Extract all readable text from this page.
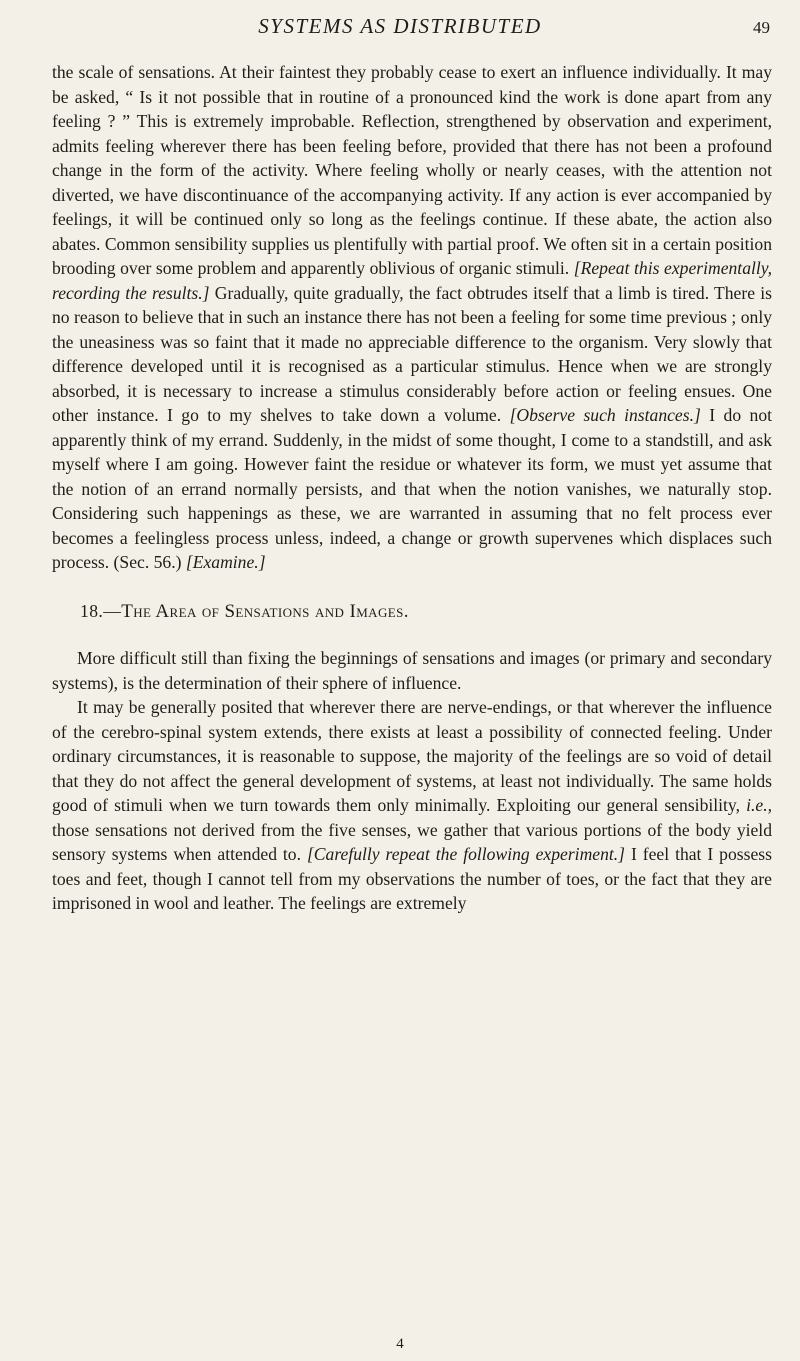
SYSTEMS AS DISTRIBUTED	49

the scale of sensations. At their faintest they probably cease to exert an influence individually. It may be asked, “ Is it not possible that in routine of a pronounced kind the work is done apart from any feeling ? ” This is extremely improbable. Reflection, strengthened by observation and experiment, admits feeling wherever there has been feeling before, provided that there has not been a profound change in the form of the activity. Where feeling wholly or nearly ceases, with the attention not diverted, we have discontinuance of the accompanying activity. If any action is ever accompanied by feelings, it will be continued only so long as the feelings continue. If these abate, the action also abates. Common sensibility supplies us plentifully with partial proof. We often sit in a certain position brooding over some problem and apparently oblivious of organic stimuli. [Repeat this experimentally, recording the results.] Gradually, quite gradually, the fact obtrudes itself that a limb is tired. There is no reason to believe that in such an instance there has not been a feeling for some time previous ; only the uneasiness was so faint that it made no appreciable difference to the organism. Very slowly that difference developed until it is recognised as a particular stimulus. Hence when we are strongly absorbed, it is necessary to increase a stimulus considerably before action or feeling ensues. One other instance. I go to my shelves to take down a volume. [Observe such instances.] I do not apparently think of my errand. Suddenly, in the midst of some thought, I come to a standstill, and ask myself where I am going. However faint the residue or whatever its form, we must yet assume that the notion of an errand normally persists, and that when the notion vanishes, we naturally stop. Considering such happenings as these, we are warranted in assuming that no felt process ever becomes a feelingless process unless, indeed, a change or growth supervenes which displaces such process. (Sec. 56.) [Examine.]

18.—The Area of Sensations and Images.

More difficult still than fixing the beginnings of sensations and images (or primary and secondary systems), is the determination of their sphere of influence.

It may be generally posited that wherever there are nerve-endings, or that wherever the influence of the cerebro-spinal system extends, there exists at least a possibility of connected feeling. Under ordinary circumstances, it is reasonable to suppose, the majority of the feelings are so void of detail that they do not affect the general development of systems, at least not individually. The same holds good of stimuli when we turn towards them only minimally. Exploiting our general sensibility, i.e., those sensations not derived from the five senses, we gather that various portions of the body yield sensory systems when attended to. [Carefully repeat the following experiment.] I feel that I possess toes and feet, though I cannot tell from my observations the number of toes, or the fact that they are imprisoned in wool and leather. The feelings are extremely

4
